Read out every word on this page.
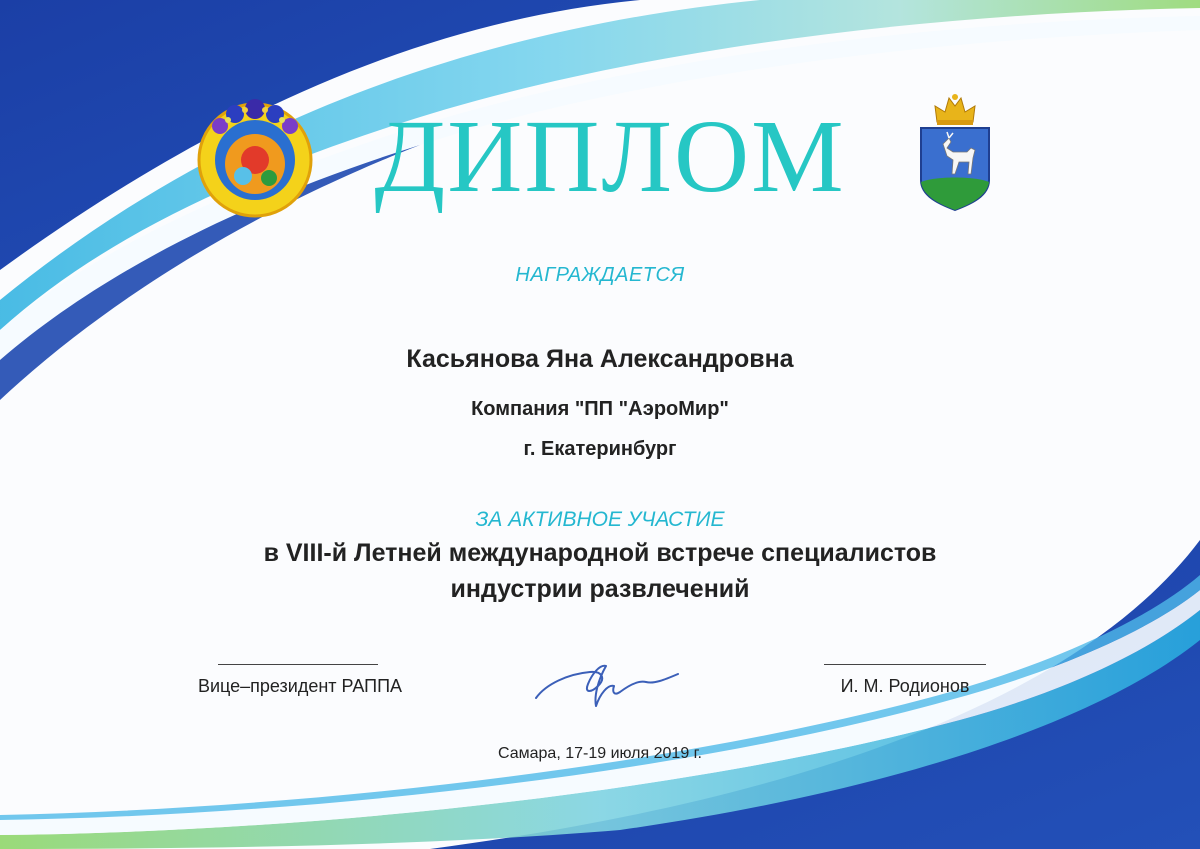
ДИПЛОМ
НАГРАЖДАЕТСЯ
Касьянова Яна Александровна
Компания "ПП "АэроМир"
г. Екатеринбург
ЗА АКТИВНОЕ УЧАСТИЕ
в VIII-й Летней международной встрече специалистов
индустрии развлечений
Вице–президент РАППА	И. М. Родионов
Самара, 17-19 июля 2019 г.
